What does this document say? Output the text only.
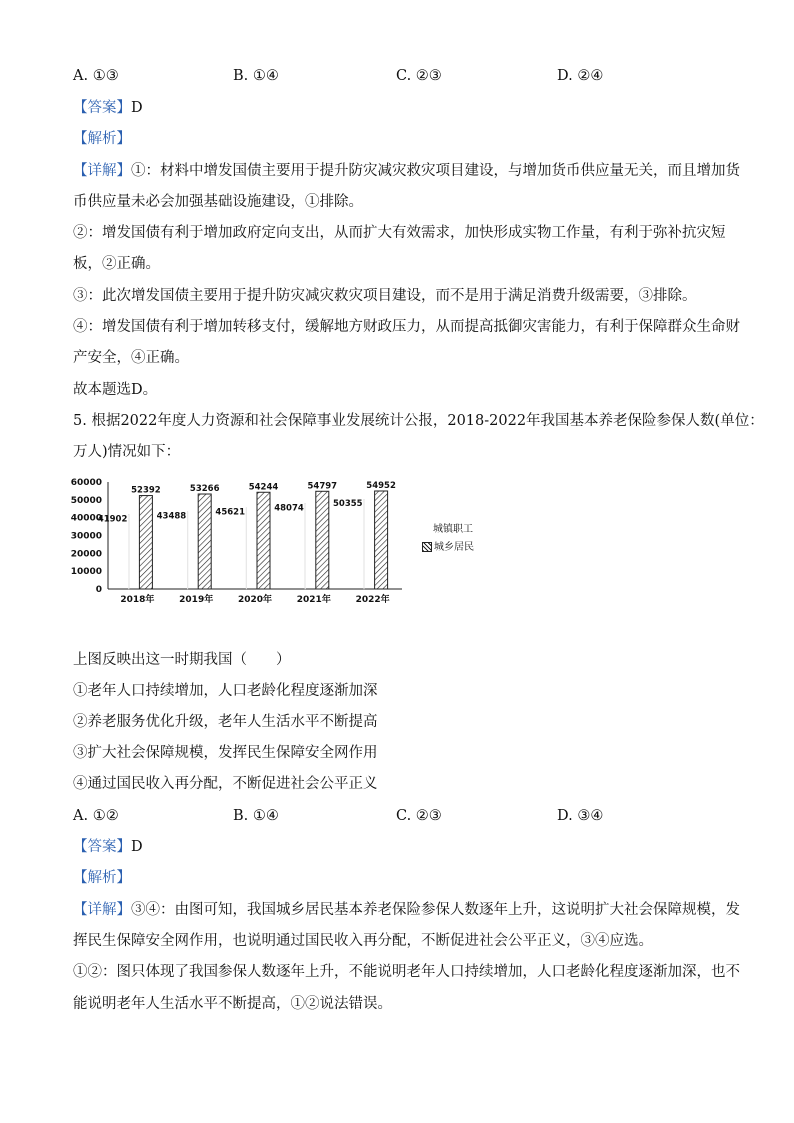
A. ①③	B. ①④	C. ②③	D. ②④
【答案】D
【解析】
【详解】①：材料中增发国债主要用于提升防灾减灾救灾项目建设，与增加货币供应量无关，而且增加货
币供应量未必会加强基础设施建设，①排除。
②：增发国债有利于增加政府定向支出，从而扩大有效需求，加快形成实物工作量，有利于弥补抗灾短
板，②正确。
③：此次增发国债主要用于提升防灾减灾救灾项目建设，而不是用于满足消费升级需要，③排除。
④：增发国债有利于增加转移支付，缓解地方财政压力，从而提高抵御灾害能力，有利于保障群众生命财
产安全，④正确。
故本题选D。
5. 根据2022年度人力资源和社会保障事业发展统计公报，2018-2022年我国基本养老保险参保人数(单位：
万人)情况如下：
0
10000
20000
30000
40000
50000
60000
41902
52392
2018年
43488
53266
2019年
45621
54244
2020年
48074
54797
2021年
50355
54952
2022年
城镇职工
城乡居民
上图反映出这一时期我国（　　）
①老年人口持续增加，人口老龄化程度逐渐加深
②养老服务优化升级，老年人生活水平不断提高
③扩大社会保障规模，发挥民生保障安全网作用
④通过国民收入再分配，不断促进社会公平正义
A. ①②	B. ①④	C. ②③	D. ③④
【答案】D
【解析】
【详解】③④：由图可知，我国城乡居民基本养老保险参保人数逐年上升，这说明扩大社会保障规模，发
挥民生保障安全网作用，也说明通过国民收入再分配，不断促进社会公平正义，③④应选。
①②：图只体现了我国参保人数逐年上升，不能说明老年人口持续增加，人口老龄化程度逐渐加深，也不
能说明老年人生活水平不断提高，①②说法错误。
